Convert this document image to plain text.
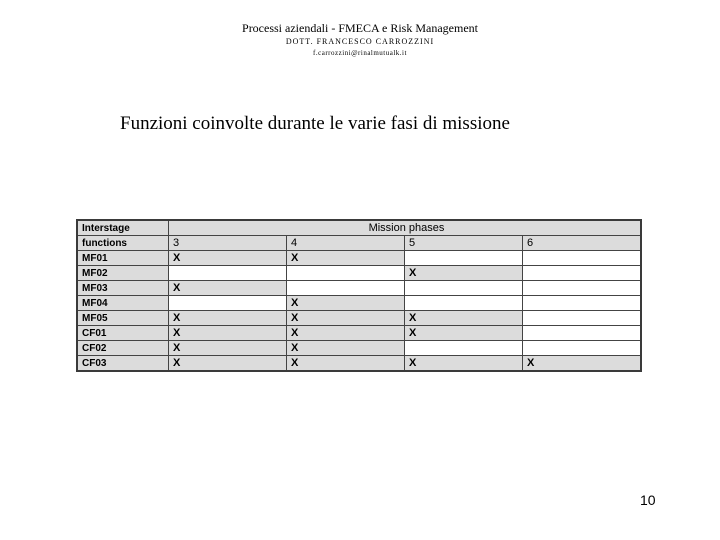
Processi aziendali - FMECA e Risk Management
DOTT. FRANCESCO CARROZZINI
f.carrozzini@rinalmutualk.it
Funzioni coinvolte durante le varie fasi di missione
Interstage	Mission phases			
functions	3	4	5	6
MF01	X	X		
MF02			X	
MF03	X			
MF04		X		
MF05	X	X	X	
CF01	X	X	X	
CF02	X	X		
CF03	X	X	X	X
10
